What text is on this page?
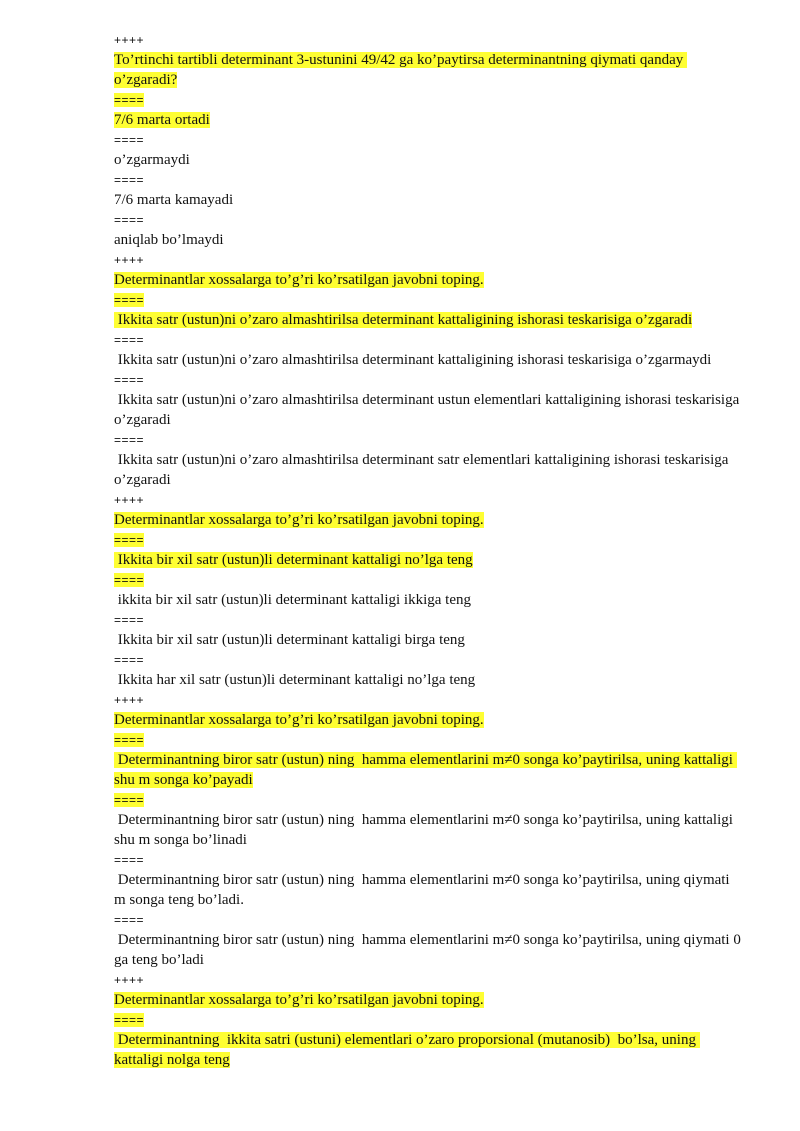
++++

To’rtinchi tartibli determinant 3-ustunini 49/42 ga ko’paytirsa determinantning qiymati qanday o’zgaradi?

====

7/6 marta ortadi

====

o’zgarmaydi

====

7/6 marta kamayadi

====

aniqlab bo’lmaydi

++++

Determinantlar xossalarga to’g’ri ko’rsatilgan javobni toping.

====

Ikkita satr (ustun)ni o’zaro almashtirilsa determinant kattaligining ishorasi teskarisiga o’zgaradi

====

Ikkita satr (ustun)ni o’zaro almashtirilsa determinant kattaligining ishorasi teskarisiga o’zgarmaydi

====

Ikkita satr (ustun)ni o’zaro almashtirilsa determinant ustun elementlari kattaligining ishorasi teskarisiga o’zgaradi

====

Ikkita satr (ustun)ni o’zaro almashtirilsa determinant satr elementlari kattaligining ishorasi teskarisiga o’zgaradi

++++

Determinantlar xossalarga to’g’ri ko’rsatilgan javobni toping.

====

Ikkita bir xil satr (ustun)li determinant kattaligi no’lga teng

====

ikkita bir xil satr (ustun)li determinant kattaligi ikkiga teng

====

Ikkita bir xil satr (ustun)li determinant kattaligi birga teng

====

Ikkita har xil satr (ustun)li determinant kattaligi no’lga teng

++++

Determinantlar xossalarga to’g’ri ko’rsatilgan javobni toping.

====

Determinantning biror satr (ustun) ning  hamma elementlarini m≠0 songa ko’paytirilsa, uning kattaligi shu m songa ko’payadi

====

Determinantning biror satr (ustun) ning  hamma elementlarini m≠0 songa ko’paytirilsa, uning kattaligi shu m songa bo’linadi

====

Determinantning biror satr (ustun) ning  hamma elementlarini m≠0 songa ko’paytirilsa, uning qiymati m songa teng bo’ladi.

====

Determinantning biror satr (ustun) ning  hamma elementlarini m≠0 songa ko’paytirilsa, uning qiymati 0 ga teng bo’ladi

++++

Determinantlar xossalarga to’g’ri ko’rsatilgan javobni toping.

====

Determinantning  ikkita satri (ustuni) elementlari o’zaro proporsional (mutanosib)  bo’lsa, uning kattaligi nolga teng
